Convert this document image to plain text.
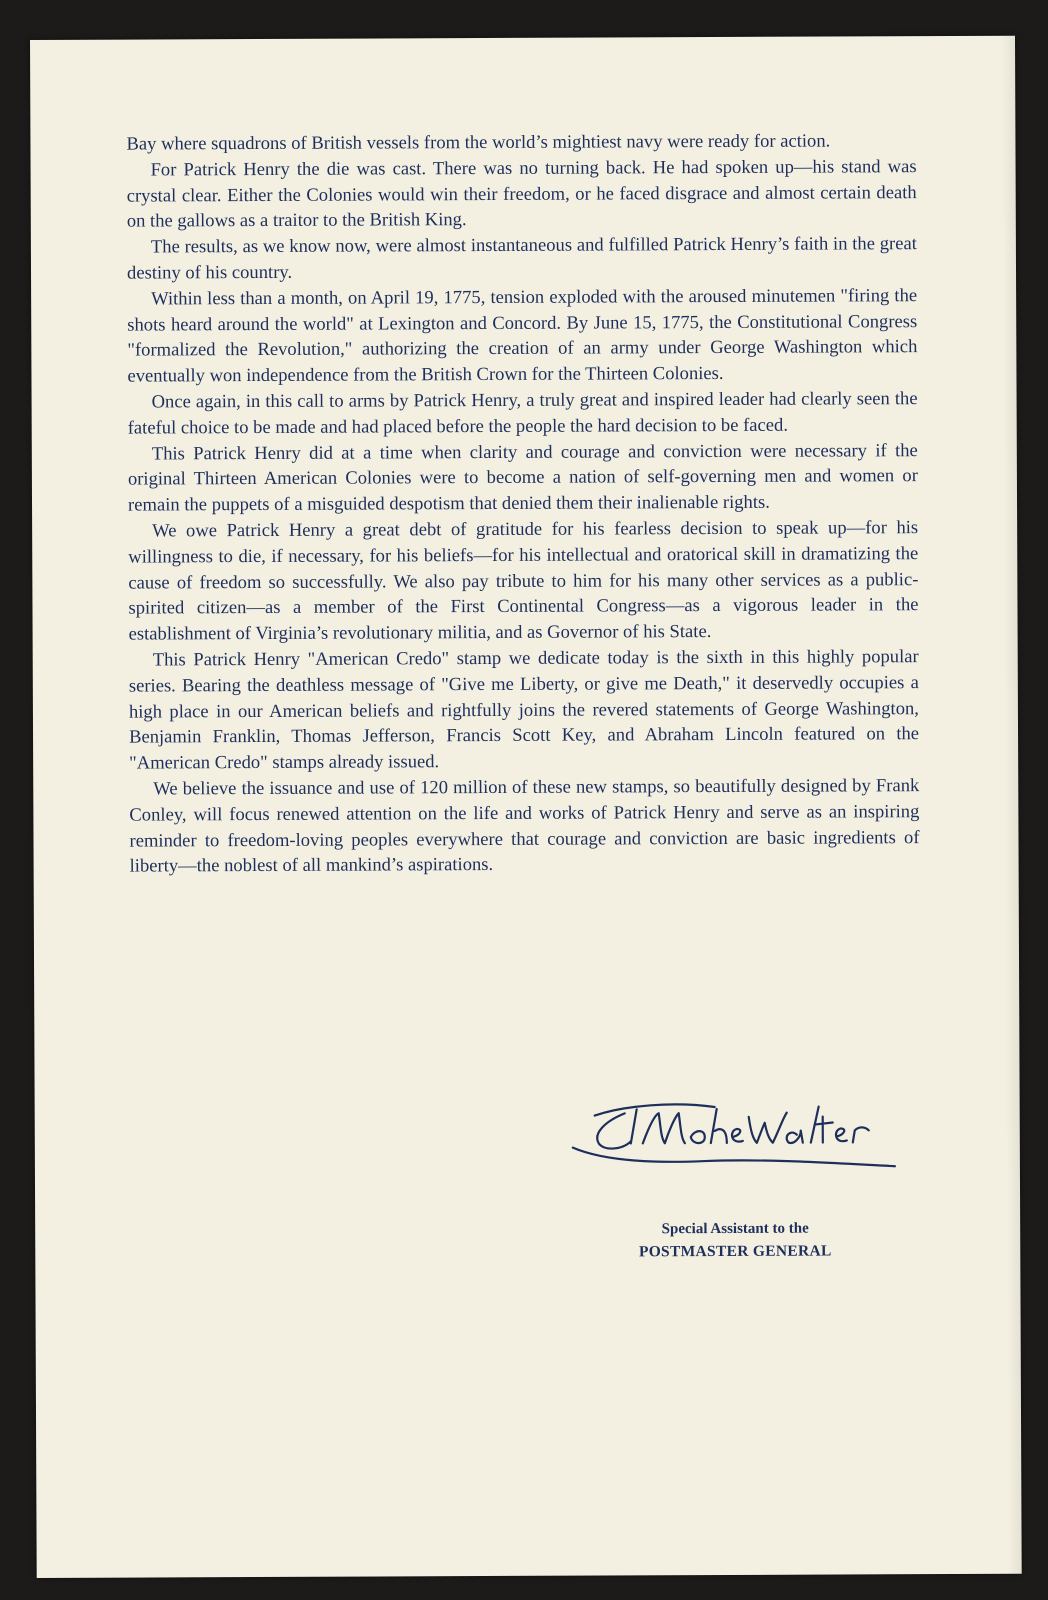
Bay where squadrons of British vessels from the world’s mightiest navy were ready for action.

For Patrick Henry the die was cast. There was no turning back. He had spoken up—his stand was crystal clear. Either the Colonies would win their freedom, or he faced disgrace and almost certain death on the gallows as a traitor to the British King.

The results, as we know now, were almost instantaneous and fulfilled Patrick Henry’s faith in the great destiny of his country.

Within less than a month, on April 19, 1775, tension exploded with the aroused minutemen "firing the shots heard around the world" at Lexington and Concord. By June 15, 1775, the Constitutional Congress "formalized the Revolution," authorizing the creation of an army under George Washington which eventually won independence from the British Crown for the Thirteen Colonies.

Once again, in this call to arms by Patrick Henry, a truly great and inspired leader had clearly seen the fateful choice to be made and had placed before the people the hard decision to be faced.

This Patrick Henry did at a time when clarity and courage and conviction were necessary if the original Thirteen American Colonies were to become a nation of self-governing men and women or remain the puppets of a misguided despotism that denied them their inalienable rights.

We owe Patrick Henry a great debt of gratitude for his fearless decision to speak up—for his willingness to die, if necessary, for his beliefs—for his intellectual and oratorical skill in dramatizing the cause of freedom so successfully. We also pay tribute to him for his many other services as a public-spirited citizen—as a member of the First Continental Congress—as a vigorous leader in the establishment of Virginia’s revolutionary militia, and as Governor of his State.

This Patrick Henry "American Credo" stamp we dedicate today is the sixth in this highly popular series. Bearing the deathless message of "Give me Liberty, or give me Death," it deservedly occupies a high place in our American beliefs and rightfully joins the revered statements of George Washington, Benjamin Franklin, Thomas Jefferson, Francis Scott Key, and Abraham Lincoln featured on the "American Credo" stamps already issued.

We believe the issuance and use of 120 million of these new stamps, so beautifully designed by Frank Conley, will focus renewed attention on the life and works of Patrick Henry and serve as an inspiring reminder to freedom-loving peoples everywhere that courage and conviction are basic ingredients of liberty—the noblest of all mankind’s aspirations.

Special Assistant to the
POSTMASTER GENERAL
